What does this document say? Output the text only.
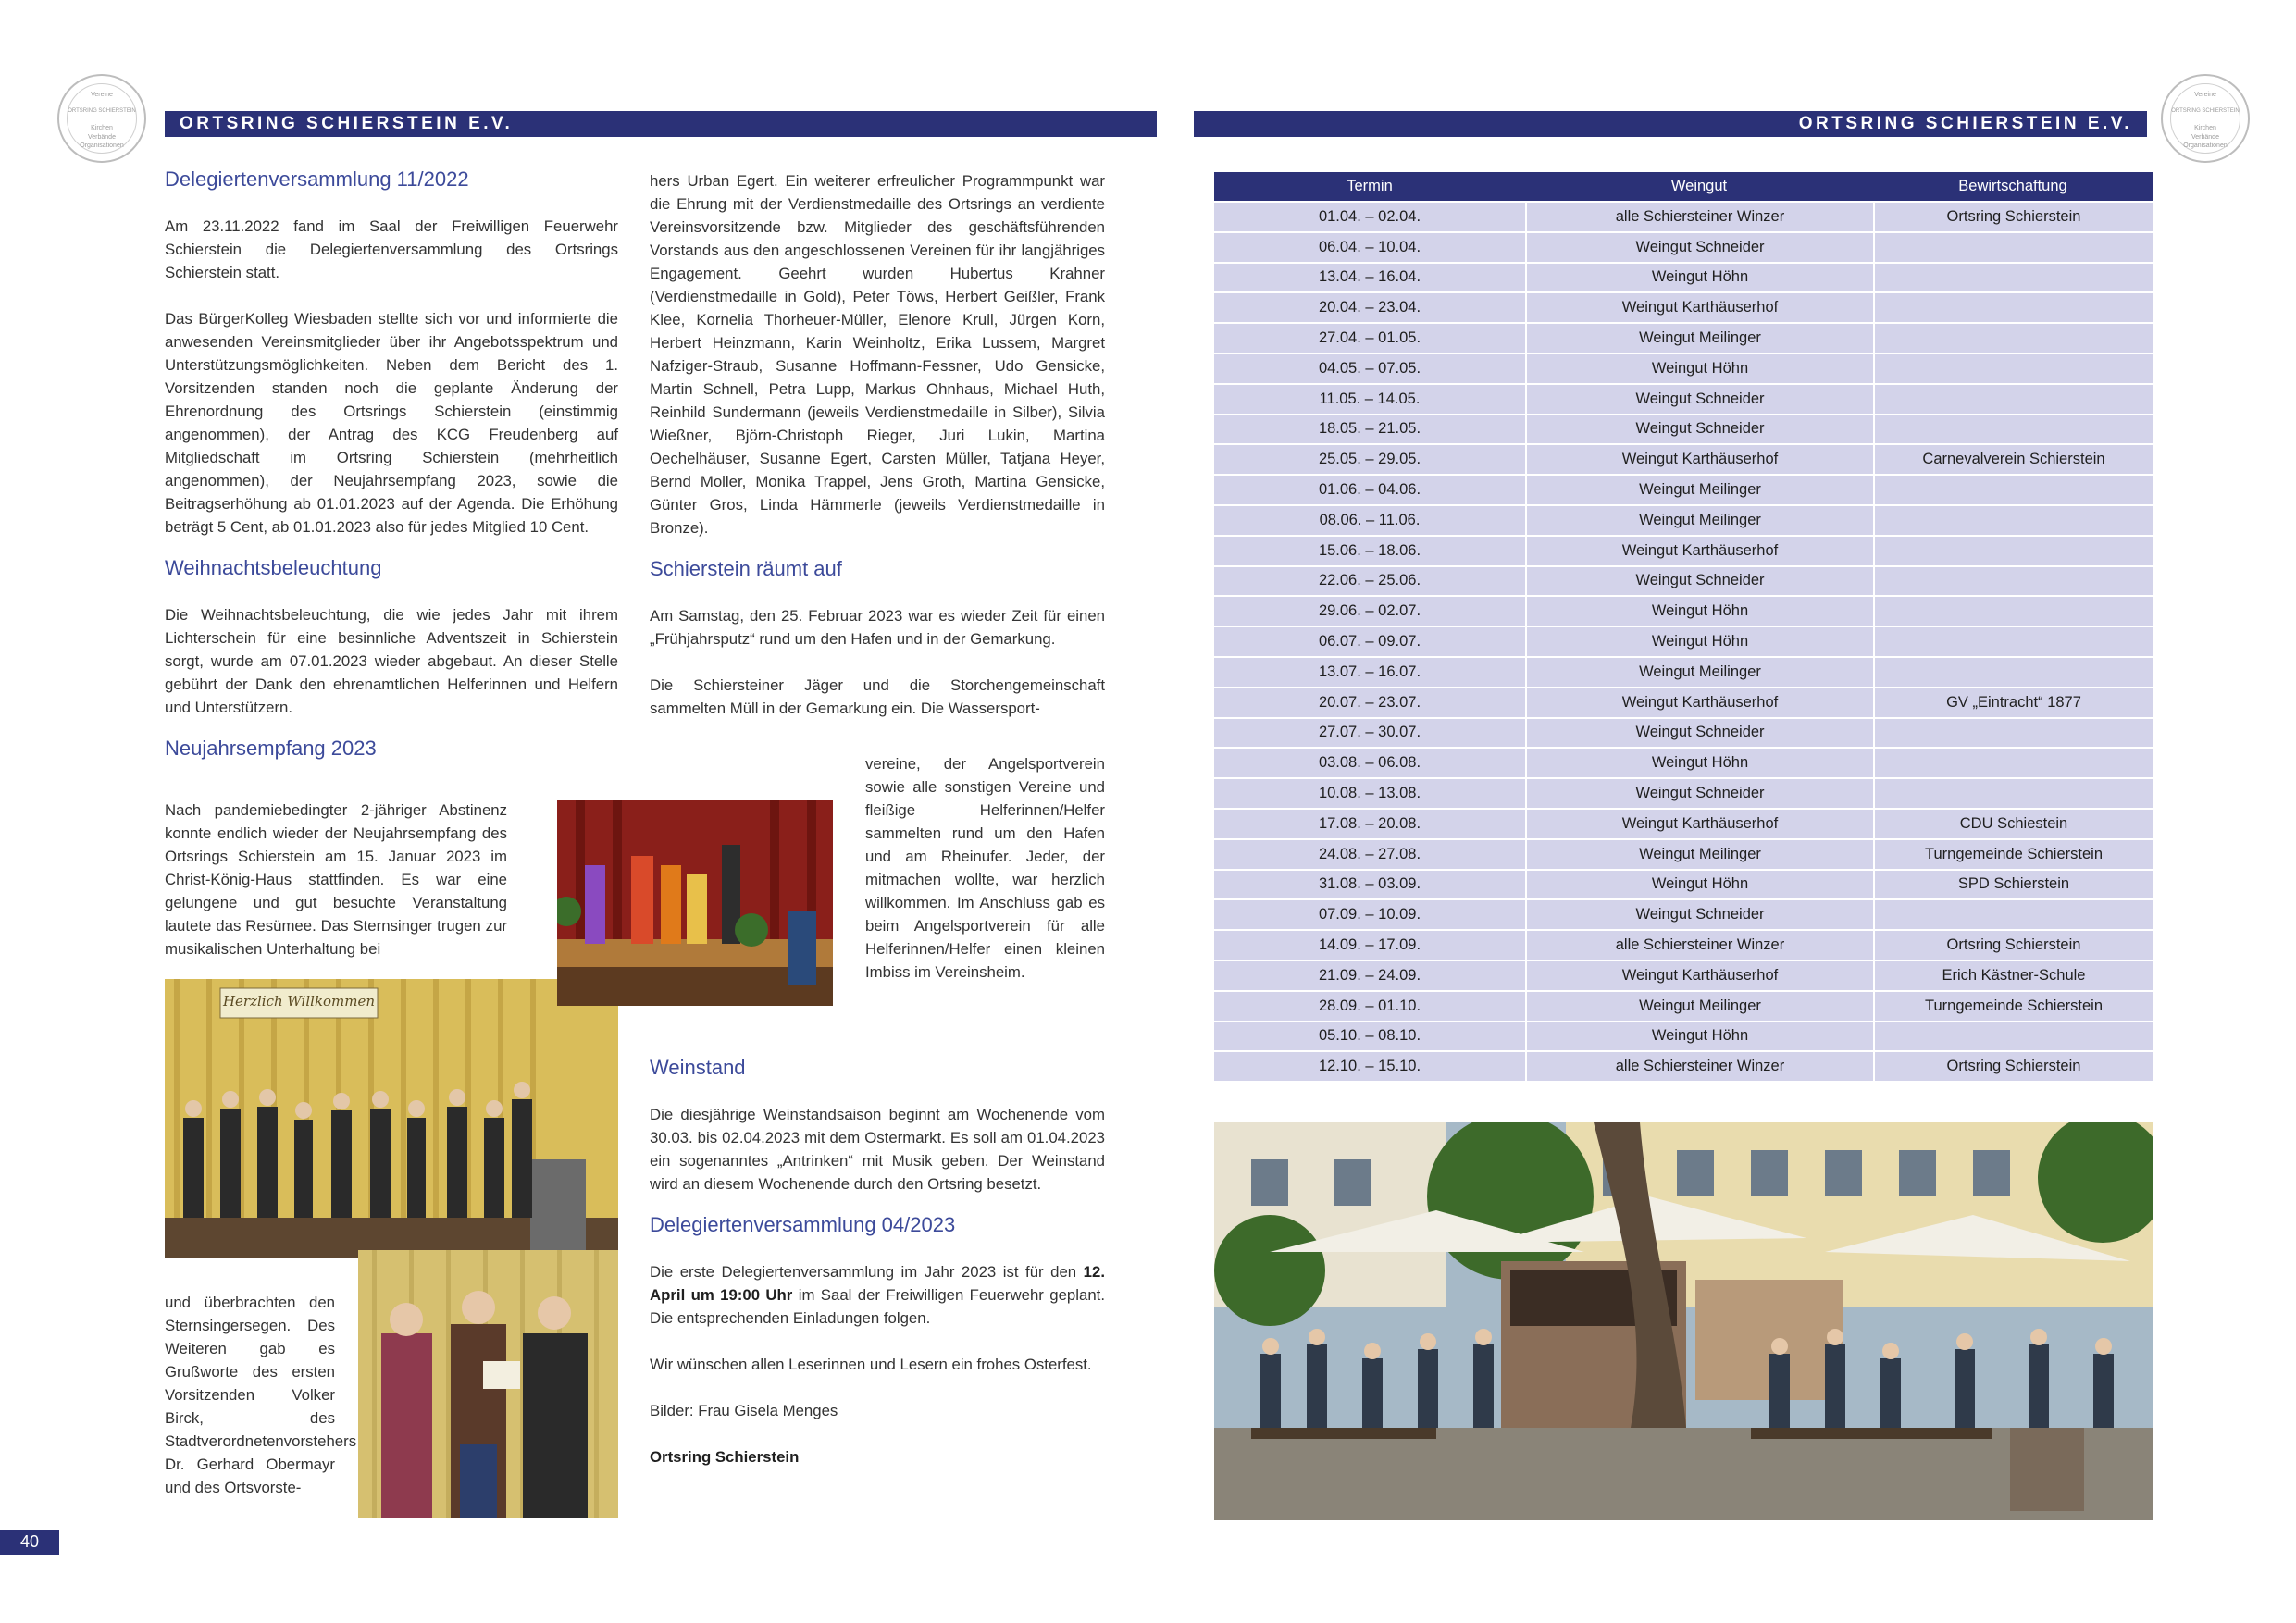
Vereine
ORTSRING SCHIERSTEIN
Kirchen
Verbände
Organisationen
ORTSRING SCHIERSTEIN E.V.	ORTSRING SCHIERSTEIN E.V.
Vereine
ORTSRING SCHIERSTEIN
Kirchen
Verbände
Organisationen
Delegiertenversammlung 11/2022

Am 23.11.2022 fand im Saal der Freiwilligen Feuerwehr Schierstein die Delegiertenversammlung des Ortsrings Schierstein statt.

Das BürgerKolleg Wiesbaden stellte sich vor und informierte die anwesenden Vereinsmitglieder über ihr Angebotsspektrum und Unterstützungsmöglichkeiten. Neben dem Bericht des 1. Vorsitzenden standen noch die geplante Änderung der Ehrenordnung des Ortsrings Schierstein (einstimmig angenommen), der Antrag des KCG Freudenberg auf Mitgliedschaft im Ortsring Schierstein (mehrheitlich angenommen), der Neujahrsempfang 2023, sowie die Beitragserhöhung ab 01.01.2023 auf der Agenda. Die Erhöhung beträgt 5 Cent, ab 01.01.2023 also für jedes Mitglied 10 Cent.

Weihnachtsbeleuchtung

Die Weihnachtsbeleuchtung, die wie jedes Jahr mit ihrem Lichterschein für eine besinnliche Adventszeit in Schierstein sorgt, wurde am 07.01.2023 wieder abgebaut. An dieser Stelle gebührt der Dank den ehrenamtlichen Helferinnen und Helfern und Unterstützern.

Neujahrsempfang 2023

Nach pandemiebedingter 2-jähriger Abstinenz konnte endlich wieder der Neujahrsempfang des Ortsrings Schierstein am 15. Januar 2023 im Christ-König-Haus stattfinden. Es war eine gelungene und gut besuchte Veranstaltung lautete das Resümee. Das Sternsinger trugen zur musikalischen Unterhaltung bei

Herzlich Willkommen

und überbrachten den Sternsingersegen. Des Weiteren gab es Grußworte des ersten Vorsitzenden Volker Birck, des Stadtverordnetenvorstehers Dr. Gerhard Obermayr und des Ortsvorste-

hers Urban Egert. Ein weiterer erfreulicher Programmpunkt war die Ehrung mit der Verdienstmedaille des Ortsrings an verdiente Vereinsvorsitzende bzw. Mitglieder des geschäftsführenden Vorstands aus den angeschlossenen Vereinen für ihr langjähriges Engagement. Geehrt wurden Hubertus Krahner (Verdienstmedaille in Gold), Peter Töws, Herbert Geißler, Frank Klee, Kornelia Thorheuer-Müller, Elenore Krull, Jürgen Korn, Herbert Heinzmann, Karin Weinholtz, Erika Lussem, Margret Nafziger-Straub, Susanne Hoffmann-Fessner, Udo Gensicke, Martin Schnell, Petra Lupp, Markus Ohnhaus, Michael Huth, Reinhild Sundermann (jeweils Verdienstmedaille in Silber), Silvia Wießner, Björn-Christoph Rieger, Juri Lukin, Martina Oechelhäuser, Susanne Egert, Carsten Müller, Tatjana Heyer, Bernd Moller, Monika Trappel, Jens Groth, Martina Gensicke, Günter Gros, Linda Hämmerle (jeweils Verdienstmedaille in Bronze).

Schierstein räumt auf

Am Samstag, den 25. Februar 2023 war es wieder Zeit für einen „Frühjahrsputz“ rund um den Hafen und in der Gemarkung.

Die Schiersteiner Jäger und die Storchengemeinschaft sammelten Müll in der Gemarkung ein. Die Wassersport-

vereine, der Angelsportverein sowie alle sonstigen Vereine und fleißige Helferinnen/Helfer sammelten rund um den Hafen und am Rheinufer. Jeder, der mitmachen wollte, war herzlich willkommen. Im Anschluss gab es beim Angelsportverein für alle Helferinnen/Helfer einen kleinen Imbiss im Vereinsheim.

Weinstand

Die diesjährige Weinstandsaison beginnt am Wochenende vom 30.03. bis 02.04.2023 mit dem Ostermarkt. Es soll am 01.04.2023 ein sogenanntes „Antrinken“ mit Musik geben. Der Weinstand wird an diesem Wochenende durch den Ortsring besetzt.

Delegiertenversammlung 04/2023

Die erste Delegiertenversammlung im Jahr 2023 ist für den 12. April um 19:00 Uhr im Saal der Freiwilligen Feuerwehr geplant. Die entsprechenden Einladungen folgen.

Wir wünschen allen Leserinnen und Lesern ein frohes Osterfest.

Bilder: Frau Gisela Menges

Ortsring Schierstein

Termin	Weingut	Bewirtschaftung
01.04. – 02.04.	alle Schiersteiner Winzer	Ortsring Schierstein
06.04. – 10.04.	Weingut Schneider	
13.04. – 16.04.	Weingut Höhn	
20.04. – 23.04.	Weingut Karthäuserhof	
27.04. – 01.05.	Weingut Meilinger	
04.05. – 07.05.	Weingut Höhn	
11.05. – 14.05.	Weingut Schneider	
18.05. – 21.05.	Weingut Schneider	
25.05. – 29.05.	Weingut Karthäuserhof	Carnevalverein Schierstein
01.06. – 04.06.	Weingut Meilinger	
08.06. – 11.06.	Weingut Meilinger	
15.06. – 18.06.	Weingut Karthäuserhof	
22.06. – 25.06.	Weingut Schneider	
29.06. – 02.07.	Weingut Höhn	
06.07. – 09.07.	Weingut Höhn	
13.07. – 16.07.	Weingut Meilinger	
20.07. – 23.07.	Weingut Karthäuserhof	GV „Eintracht“ 1877
27.07. – 30.07.	Weingut Schneider	
03.08. – 06.08.	Weingut Höhn	
10.08. – 13.08.	Weingut Schneider	
17.08. – 20.08.	Weingut Karthäuserhof	CDU Schiestein
24.08. – 27.08.	Weingut Meilinger	Turngemeinde Schierstein
31.08. – 03.09.	Weingut Höhn	SPD Schierstein
07.09. – 10.09.	Weingut Schneider	
14.09. – 17.09.	alle Schiersteiner Winzer	Ortsring Schierstein
21.09. – 24.09.	Weingut Karthäuserhof	Erich Kästner-Schule
28.09. – 01.10.	Weingut Meilinger	Turngemeinde Schierstein
05.10. – 08.10.	Weingut Höhn	
12.10. – 15.10.	alle Schiersteiner Winzer	Ortsring Schierstein
40
